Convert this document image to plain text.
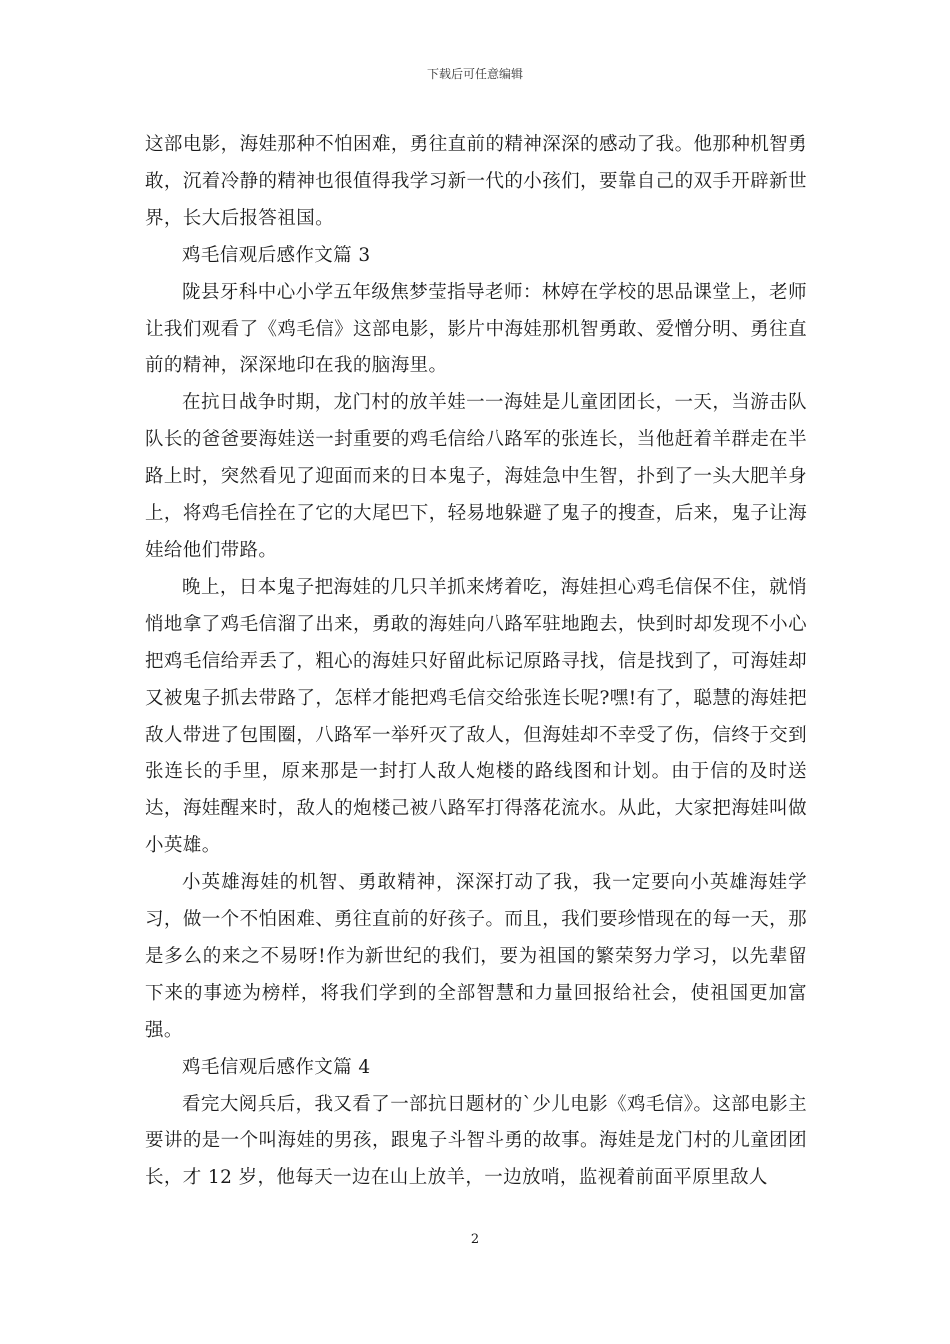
下载后可任意编辑

这部电影，海娃那种不怕困难，勇往直前的精神深深的感动了我。他那种机智勇敢，沉着冷静的精神也很值得我学习新一代的小孩们，要靠自己的双手开辟新世界，长大后报答祖国。

鸡毛信观后感作文篇 3

陇县牙科中心小学五年级焦梦莹指导老师：林婷在学校的思品课堂上，老师让我们观看了《鸡毛信》这部电影，影片中海娃那机智勇敢、爱憎分明、勇往直前的精神，深深地印在我的脑海里。

在抗日战争时期，龙门村的放羊娃一一海娃是儿童团团长，一天，当游击队队长的爸爸要海娃送一封重要的鸡毛信给八路军的张连长，当他赶着羊群走在半路上时，突然看见了迎面而来的日本鬼子，海娃急中生智，扑到了一头大肥羊身上，将鸡毛信拴在了它的大尾巴下，轻易地躲避了鬼子的搜查，后来，鬼子让海娃给他们带路。

晚上，日本鬼子把海娃的几只羊抓来烤着吃，海娃担心鸡毛信保不住，就悄悄地拿了鸡毛信溜了出来，勇敢的海娃向八路军驻地跑去，快到时却发现不小心把鸡毛信给弄丢了，粗心的海娃只好留此标记原路寻找，信是找到了，可海娃却又被鬼子抓去带路了，怎样才能把鸡毛信交给张连长呢?嘿!有了，聪慧的海娃把敌人带进了包围圈，八路军一举歼灭了敌人，但海娃却不幸受了伤，信终于交到张连长的手里，原来那是一封打人敌人炮楼的路线图和计划。由于信的及时送达，海娃醒来时，敌人的炮楼己被八路军打得落花流水。从此，大家把海娃叫做小英雄。

小英雄海娃的机智、勇敢精神，深深打动了我，我一定要向小英雄海娃学习，做一个不怕困难、勇往直前的好孩子。而且，我们要珍惜现在的每一天，那是多么的来之不易呀!作为新世纪的我们，要为祖国的繁荣努力学习，以先辈留下来的事迹为榜样，将我们学到的全部智慧和力量回报给社会，使祖国更加富强。

鸡毛信观后感作文篇 4

看完大阅兵后，我又看了一部抗日题材的`少儿电影《鸡毛信》。这部电影主要讲的是一个叫海娃的男孩，跟鬼子斗智斗勇的故事。海娃是龙门村的儿童团团长，才 12 岁，他每天一边在山上放羊，一边放哨，监视着前面平原里敌人

2
